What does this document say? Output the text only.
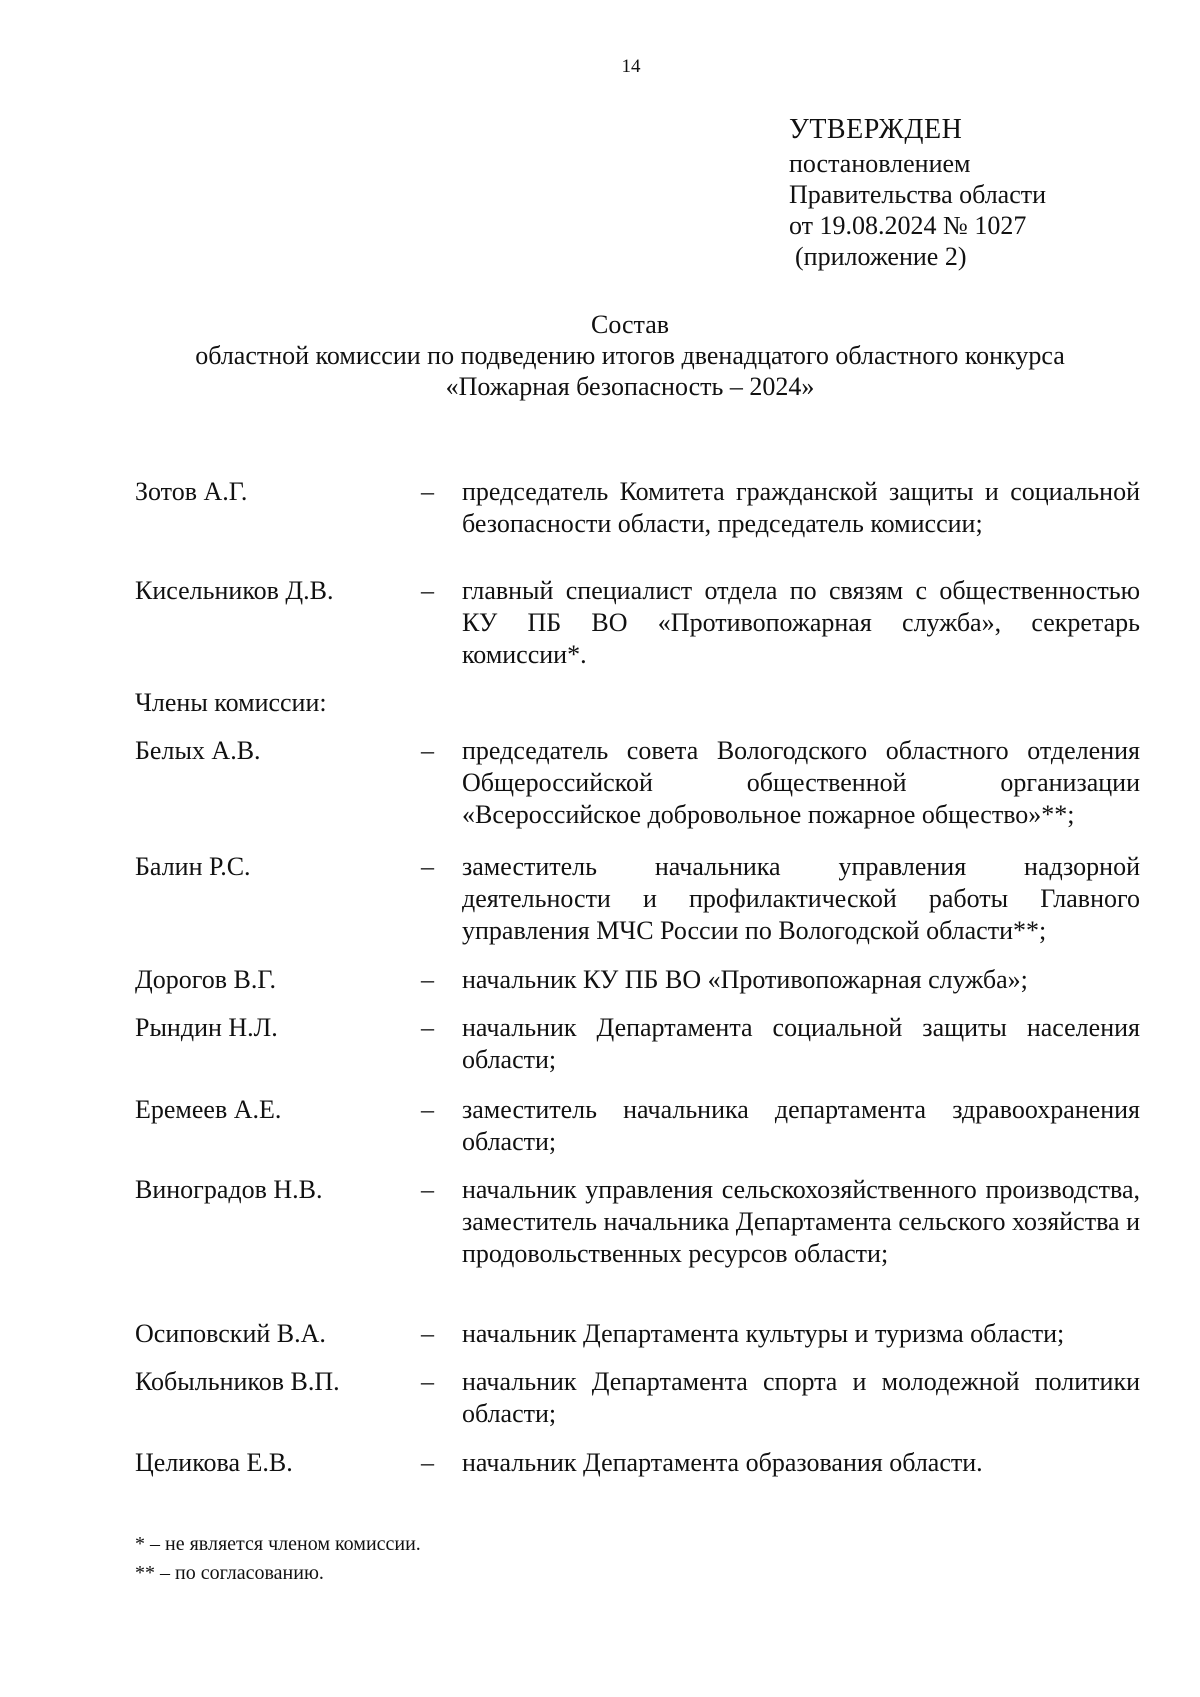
14
УТВЕРЖДЕН
постановлением
Правительства области
от 19.08.2024 № 1027
(приложение 2)
Состав
областной комиссии по подведению итогов двенадцатого областного конкурса
«Пожарная безопасность – 2024»
Зотов А.Г.	– председатель Комитета гражданской защиты и социальной безопасности области, председатель комиссии;
Кисельников Д.В.	– главный специалист отдела по связям с общественностью КУ ПБ ВО «Противопожарная служба», секретарь комиссии*.
Белых А.В.	– председатель совета Вологодского областного отделения Общероссийской общественной организации «Всероссийское добровольное пожарное общество»**;
Балин Р.С.	– заместитель начальника управления надзорной деятельности и профилактической работы Главного управления МЧС России по Вологодской области**;
Дорогов В.Г.	– начальник КУ ПБ ВО «Противопожарная служба»;
Рындин Н.Л.	– начальник Департамента социальной защиты населения области;
Еремеев А.Е.	– заместитель начальника департамента здравоохранения области;
Виноградов Н.В.	– начальник управления сельскохозяйственного производства, заместитель начальника Департамента сельского хозяйства и продовольственных ресурсов области;
Осиповский В.А.	– начальник Департамента культуры и туризма области;
Кобыльников В.П.	– начальник Департамента спорта и молодежной политики области;
Целикова Е.В.	– начальник Департамента образования области.
Члены комиссии:
* – не является членом комиссии.
** – по согласованию.
